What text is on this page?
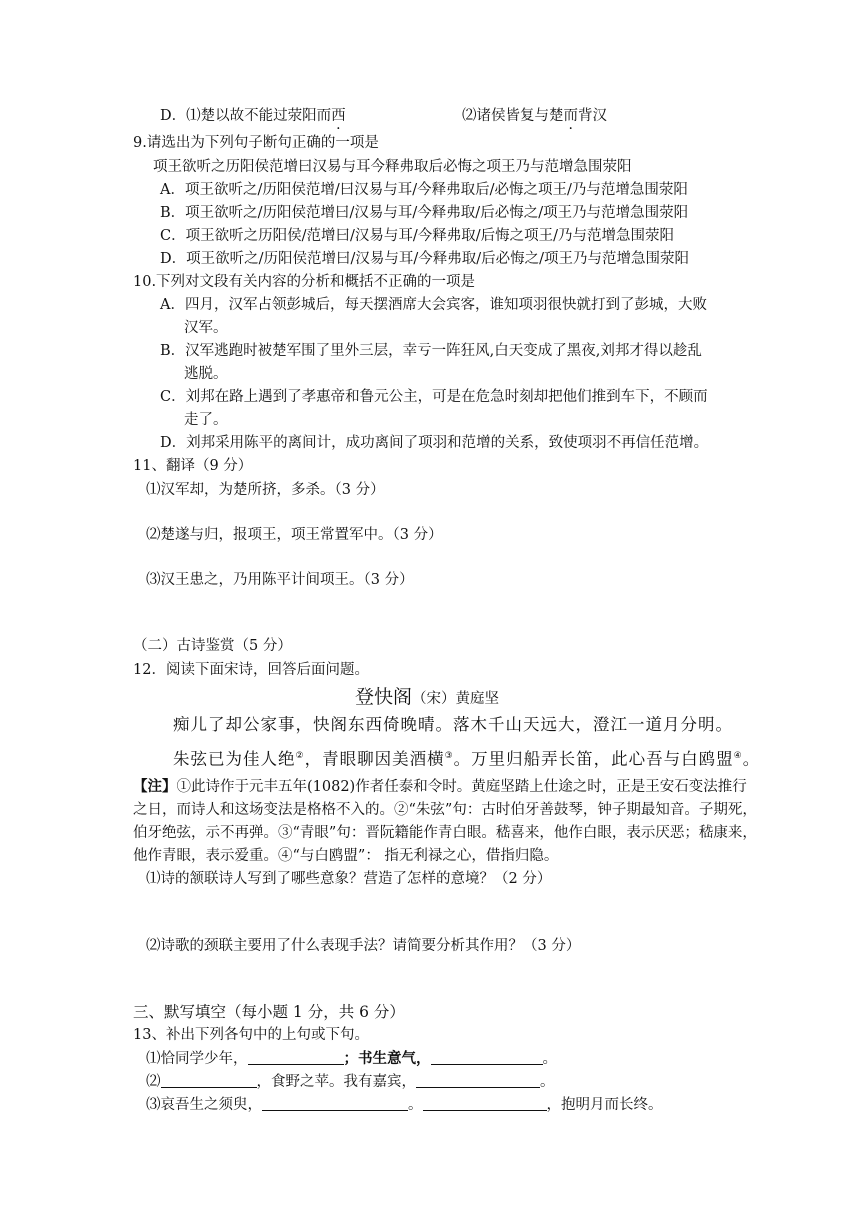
D．⑴楚以故不能过荥阳而西	⑵诸侯皆复与楚而背汉
9.请选出为下列句子断句正确的一项是
项王欲听之历阳侯范增曰汉易与耳今释弗取后必悔之项王乃与范增急围荥阳
A．项王欲听之/历阳侯范增/曰汉易与耳/今释弗取后/必悔之项王/乃与范增急围荥阳
B．项王欲听之/历阳侯范增曰/汉易与耳/今释弗取/后必悔之/项王乃与范增急围荥阳
C．项王欲听之历阳侯/范增曰/汉易与耳/今释弗取/后悔之项王/乃与范增急围荥阳
D．项王欲听之/历阳侯范增曰/汉易与耳/今释弗取/后必悔之/项王乃与范增急围荥阳
10.下列对文段有关内容的分析和概括不正确的一项是
A．四月，汉军占领彭城后，每天摆酒席大会宾客，谁知项羽很快就打到了彭城，大败
汉军。
B．汉军逃跑时被楚军围了里外三层，幸亏一阵狂风,白天变成了黑夜,刘邦才得以趁乱
逃脱。
C．刘邦在路上遇到了孝惠帝和鲁元公主，可是在危急时刻却把他们推到车下，不顾而
走了。
D．刘邦采用陈平的离间计，成功离间了项羽和范增的关系，致使项羽不再信任范增。
11、翻译（9 分）
⑴汉军却，为楚所挤，多杀。（3 分）
⑵楚遂与归，报项王，项王常置军中。（3 分）
⑶汉王患之，乃用陈平计间项王。（3 分）
（二）古诗鉴赏（5 分）
12．阅读下面宋诗，回答后面问题。
登快阁（宋）黄庭坚
痴儿了却公家事，快阁东西倚晚晴。落木千山天远大，澄江一道月分明。
朱弦已为佳人绝②，青眼聊因美酒横③。万里归船弄长笛，此心吾与白鸥盟④。
【注】①此诗作于元丰五年(1082)作者任泰和令时。黄庭坚踏上仕途之时，正是王安石变法推行
之日，而诗人和这场变法是格格不入的。②“朱弦”句：古时伯牙善鼓琴，钟子期最知音。子期死，
伯牙绝弦，示不再弹。③“青眼”句：晋阮籍能作青白眼。嵇喜来，他作白眼，表示厌恶；嵇康来，
他作青眼，表示爱重。④“与白鸥盟”： 指无利禄之心，借指归隐。
⑴诗的颔联诗人写到了哪些意象？营造了怎样的意境？（2 分）
⑵诗歌的颈联主要用了什么表现手法？请简要分析其作用？（3 分）
三、默写填空（每小题 1 分，共 6 分）
13、补出下列各句中的上句或下句。
⑴恰同学少年，	；书生意气，	。
⑵	，食野之苹。我有嘉宾，	。
⑶哀吾生之须臾，	。	，抱明月而长终。
